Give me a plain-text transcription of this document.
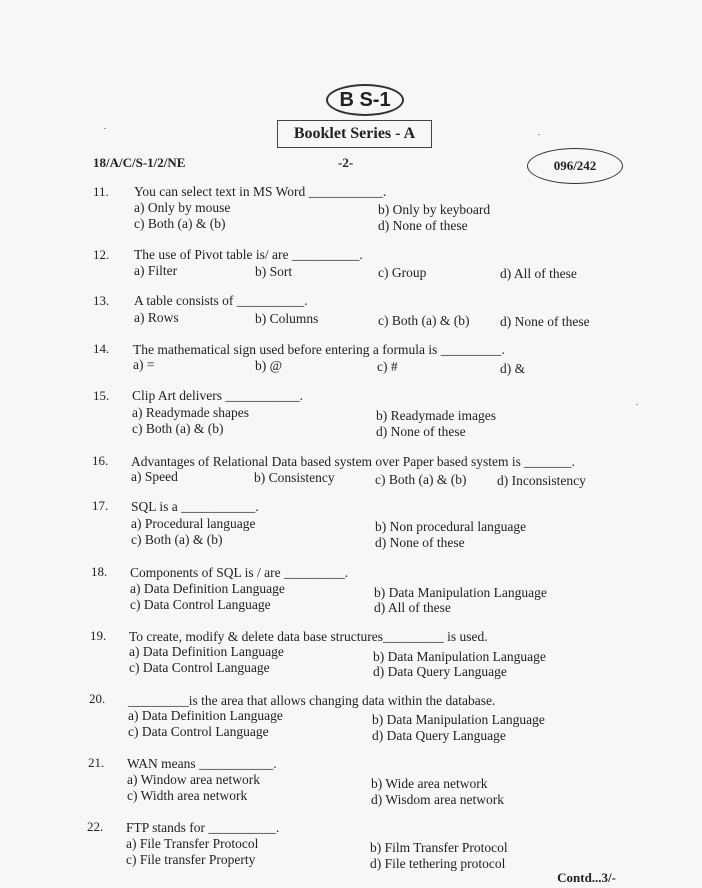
B S-1
Booklet Series - A
18/A/C/S-1/2/NE	-2-	096/242
11. You can select text in MS Word ___________.
a) Only by mouse	b) Only by keyboard
c) Both (a) & (b)	d) None of these
12. The use of Pivot table is/ are __________.
a) Filter	b) Sort	c) Group	d) All of these
13. A table consists of __________.
a) Rows	b) Columns	c) Both (a) & (b) d) None of these
14. The mathematical sign used before entering a formula is _________.
a) =	b) @	c) #	d) &
15. Clip Art delivers ___________.
a) Readymade shapes	b) Readymade images
c) Both (a) & (b)	d) None of these
16. Advantages of Relational Data based system over Paper based system is _______.
a) Speed	b) Consistency	c) Both (a) & (b) d) Inconsistency
17. SQL is a ___________.
a) Procedural language	b) Non procedural language
c) Both (a) & (b)	d) None of these
18. Components of SQL is / are _________.
a) Data Definition Language	b) Data Manipulation Language
c) Data Control Language	d) All of these
19. To create, modify & delete data base structures_________ is used.
a) Data Definition Language	b) Data Manipulation Language
c) Data Control Language	d) Data Query Language
20. _________is the area that allows changing data within the database.
a) Data Definition Language	b) Data Manipulation Language
c) Data Control Language	d) Data Query Language
21. WAN means ___________.
a) Window area network	b) Wide area network
c) Width area network	d) Wisdom area network
22. FTP stands for __________.
a) File Transfer Protocol	b) Film Transfer Protocol
c) File transfer Property	d) File tethering protocol
Contd...3/-
